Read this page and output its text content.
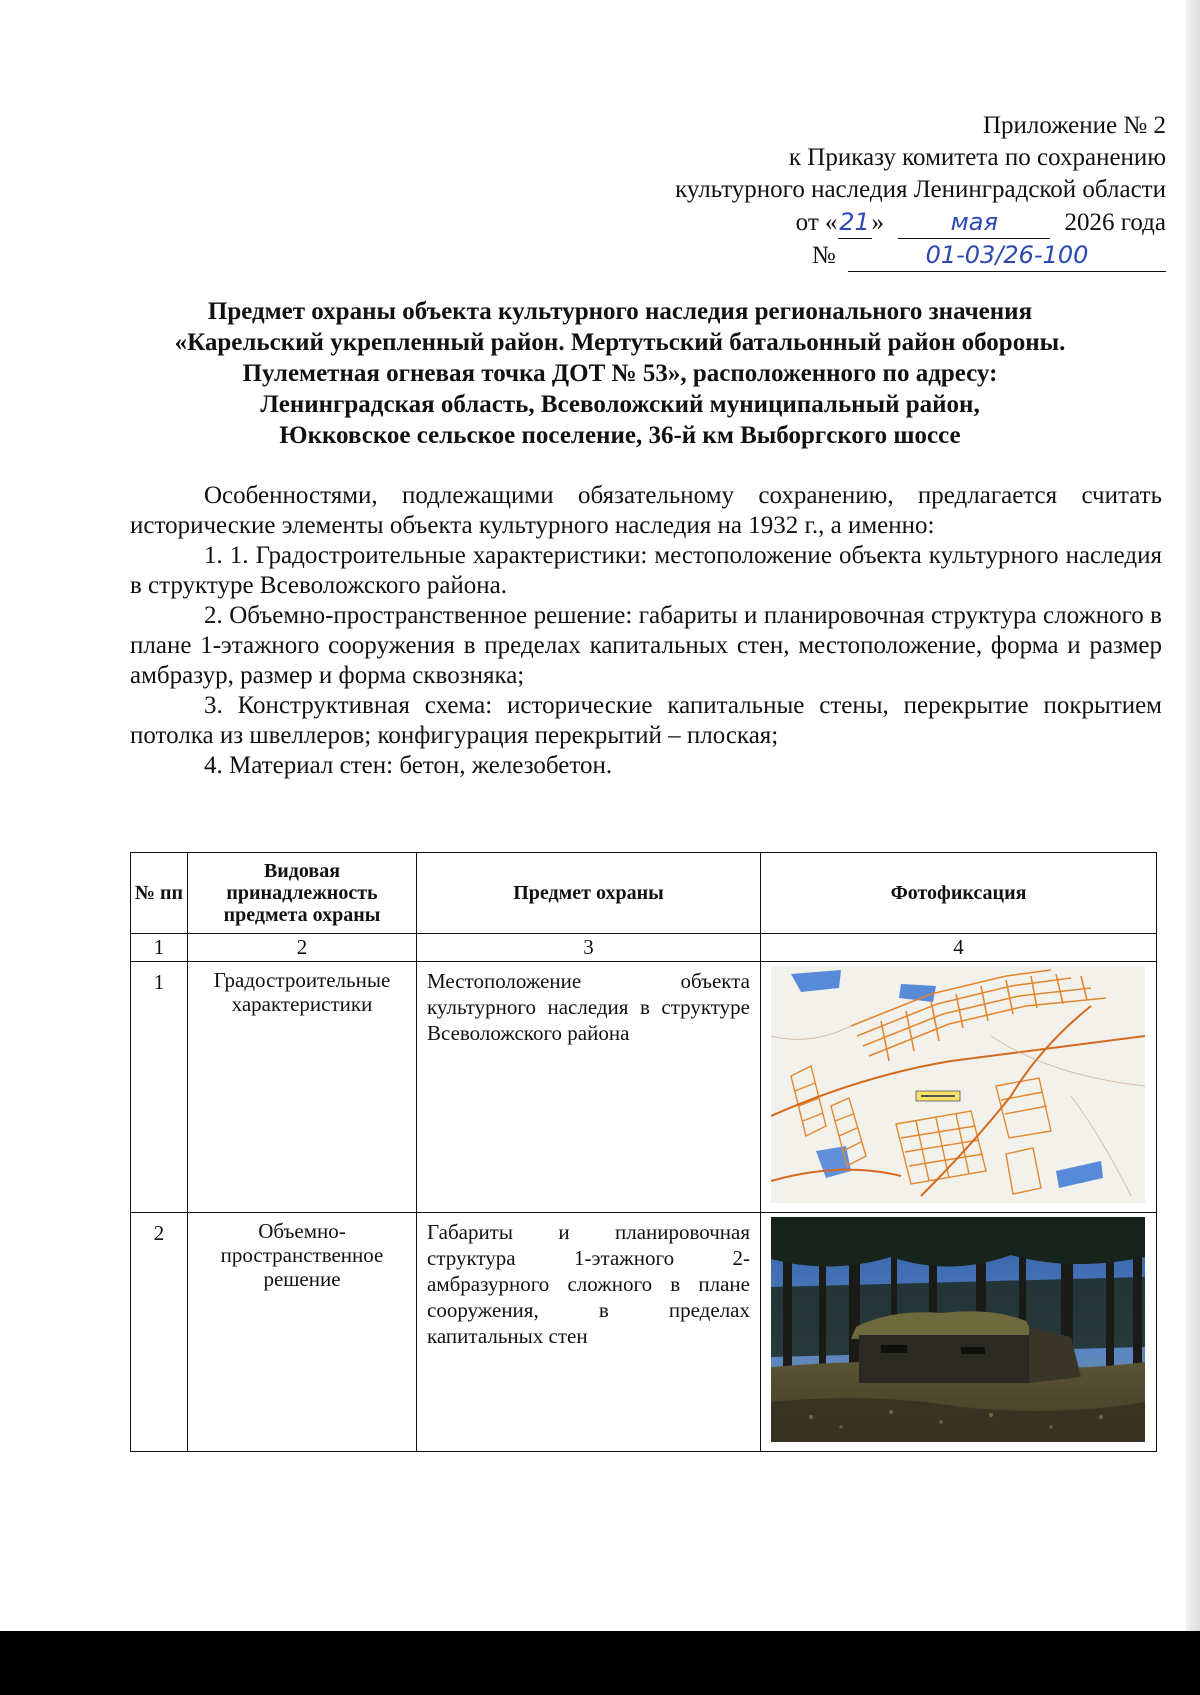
Приложение № 2
к Приказу комитета по сохранению
культурного наследия Ленинградской области
от «21»	мая	2026 года
№	01-03/26-100
Предмет охраны объекта культурного наследия регионального значения
«Карельский укрепленный район. Мертутьский батальонный район обороны.
Пулеметная огневая точка ДОТ № 53», расположенного по адресу:
Ленинградская область, Всеволожский муниципальный район,
Юкковское сельское поселение, 36-й км Выборгского шоссе

Особенностями, подлежащими обязательному сохранению, предлагается считать исторические элементы объекта культурного наследия на 1932 г., а именно:

1. 1. Градостроительные характеристики: местоположение объекта культурного наследия в структуре Всеволожского района.

2. Объемно-пространственное решение: габариты и планировочная структура сложного в плане 1-этажного сооружения в пределах капитальных стен, местоположение, форма и размер амбразур, размер и форма сквозняка;

3. Конструктивная схема: исторические капитальные стены, перекрытие покрытием потолка из швеллеров; конфигурация перекрытий – плоская;

4. Материал стен: бетон, железобетон.

№ пп	Видовая принадлежность предмета охраны	Предмет охраны	Фотофиксация
1	2	3	4
1	Градостроительные характеристики	Местоположение объекта культурного наследия в структуре Всеволожского района	
2	Объемно-пространственное решение	Габариты и планировочная структура 1-этажного 2-амбразурного сложного в плане сооружения, в пределах капитальных стен	
